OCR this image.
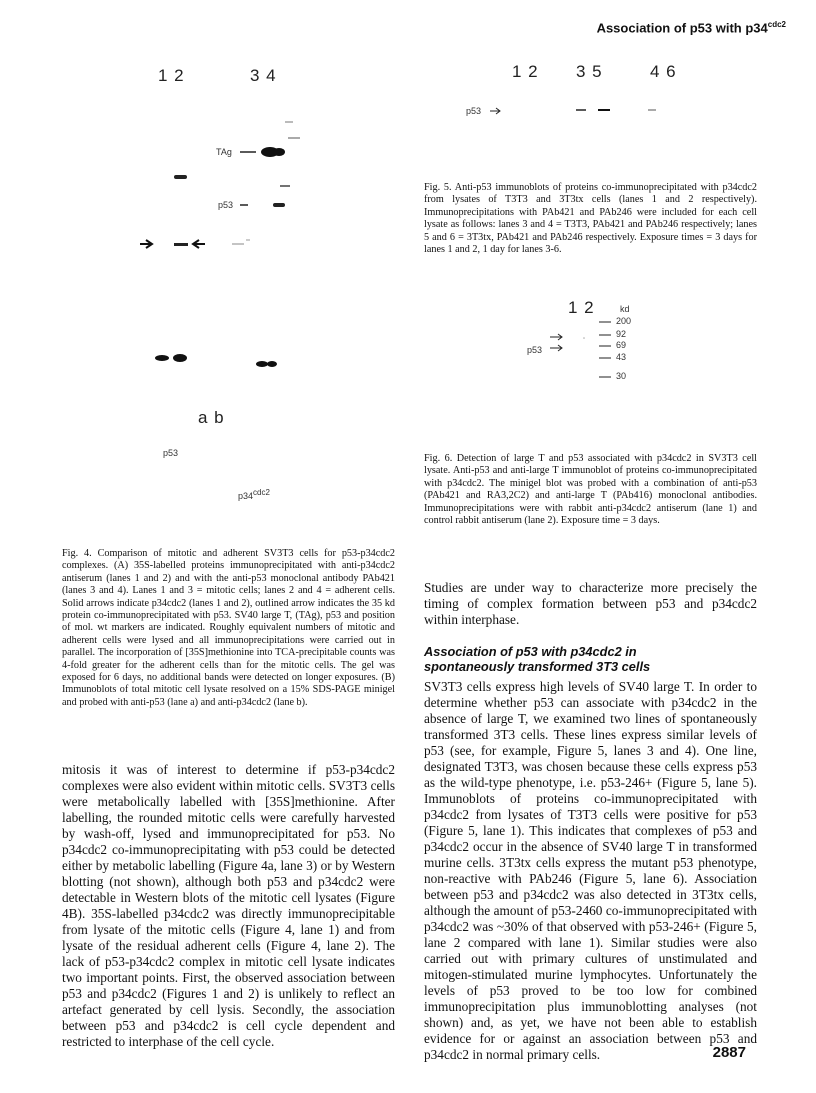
Association of p53 with $p34^{cdc2}$
1 2	3 4
TAg
p53
a b
p53
$p34^{cdc2}$
Fig. 4. Comparison of mitotic and adherent SV3T3 cells for p53-p34cdc2 complexes. (A) 35S-labelled proteins immunoprecipitated with anti-p34cdc2 antiserum (lanes 1 and 2) and with the anti-p53 monoclonal antibody PAb421 (lanes 3 and 4). Lanes 1 and 3 = mitotic cells; lanes 2 and 4 = adherent cells. Solid arrows indicate p34cdc2 (lanes 1 and 2), outlined arrow indicates the 35 kd protein co-immunoprecipitated with p53. SV40 large T, (TAg), p53 and position of mol. wt markers are indicated. Roughly equivalent numbers of mitotic and adherent cells were lysed and all immunoprecipitations were carried out in parallel. The incorporation of [35S]methionine into TCA-precipitable counts was 4-fold greater for the adherent cells than for the mitotic cells. The gel was exposed for 6 days, no additional bands were detected on longer exposures. (B) Immunoblots of total mitotic cell lysate resolved on a 15% SDS-PAGE minigel and probed with anti-p53 (lane a) and anti-p34cdc2 (lane b).
mitosis it was of interest to determine if p53-p34cdc2 complexes were also evident within mitotic cells. SV3T3 cells were metabolically labelled with [35S]methionine. After labelling, the rounded mitotic cells were carefully harvested by wash-off, lysed and immunoprecipitated for p53. No p34cdc2 co-immunoprecipitating with p53 could be detected either by metabolic labelling (Figure 4a, lane 3) or by Western blotting (not shown), although both p53 and p34cdc2 were detectable in Western blots of the mitotic cell lysates (Figure 4B). 35S-labelled p34cdc2 was directly immunoprecipitable from lysate of the mitotic cells (Figure 4, lane 1) and from lysate of the residual adherent cells (Figure 4, lane 2). The lack of p53-p34cdc2 complex in mitotic cell lysate indicates two important points. First, the observed association between p53 and p34cdc2 (Figures 1 and 2) is unlikely to reflect an artefact generated by cell lysis. Secondly, the association between p53 and p34cdc2 is cell cycle dependent and restricted to interphase of the cell cycle.
1 2 3 5	4 6
p53
Fig. 5. Anti-p53 immunoblots of proteins co-immunoprecipitated with p34cdc2 from lysates of T3T3 and 3T3tx cells (lanes 1 and 2 respectively). Immunoprecipitations with PAb421 and PAb246 were included for each cell lysate as follows: lanes 3 and 4 = T3T3, PAb421 and PAb246 respectively; lanes 5 and 6 = 3T3tx, PAb421 and PAb246 respectively. Exposure times = 3 days for lanes 1 and 2, 1 day for lanes 3-6.
1 2	kd
200
92
69
43
30
p53
Fig. 6. Detection of large T and p53 associated with p34cdc2 in SV3T3 cell lysate. Anti-p53 and anti-large T immunoblot of proteins co-immunoprecipitated with p34cdc2. The minigel blot was probed with a combination of anti-p53 (PAb421 and RA3,2C2) and anti-large T (PAb416) monoclonal antibodies. Immunoprecipitations were with rabbit anti-p34cdc2 antiserum (lane 1) and control rabbit antiserum (lane 2). Exposure time = 3 days.
Studies are under way to characterize more precisely the timing of complex formation between p53 and p34cdc2 within interphase.
Association of p53 with p34cdc2 in spontaneously transformed 3T3 cells
SV3T3 cells express high levels of SV40 large T. In order to determine whether p53 can associate with p34cdc2 in the absence of large T, we examined two lines of spontaneously transformed 3T3 cells. These lines express similar levels of p53 (see, for example, Figure 5, lanes 3 and 4). One line, designated T3T3, was chosen because these cells express p53 as the wild-type phenotype, i.e. p53-246+ (Figure 5, lane 5). Immunoblots of proteins co-immunoprecipitated with p34cdc2 from lysates of T3T3 cells were positive for p53 (Figure 5, lane 1). This indicates that complexes of p53 and p34cdc2 occur in the absence of SV40 large T in transformed murine cells. 3T3tx cells express the mutant p53 phenotype, non-reactive with PAb246 (Figure 5, lane 6). Association between p53 and p34cdc2 was also detected in 3T3tx cells, although the amount of p53-2460 co-immunoprecipitated with p34cdc2 was ~30% of that observed with p53-246+ (Figure 5, lane 2 compared with lane 1). Similar studies were also carried out with primary cultures of unstimulated and mitogen-stimulated murine lymphocytes. Unfortunately the levels of p53 proved to be too low for combined immunoprecipitation plus immunoblotting analyses (not shown) and, as yet, we have not been able to establish evidence for or against an association between p53 and p34cdc2 in normal primary cells.	2887
